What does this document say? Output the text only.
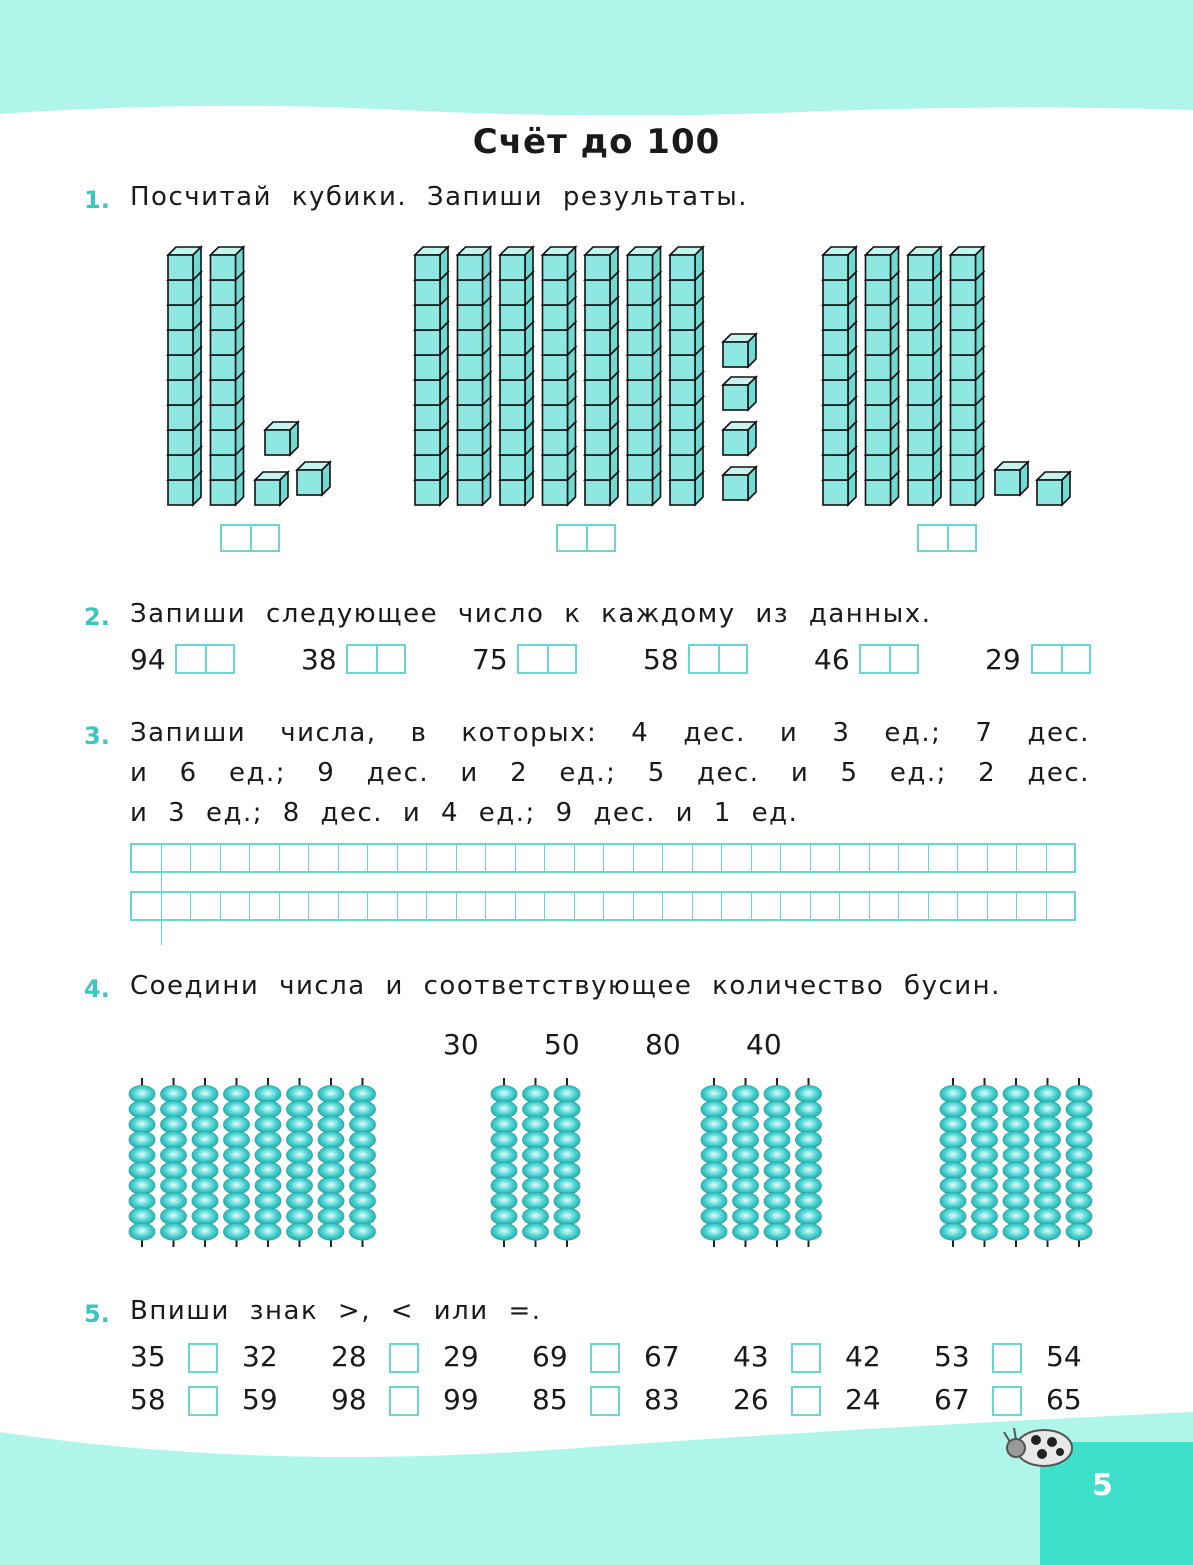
Счёт до 100
1. Посчитай кубики. Запиши результаты.
2. Запиши следующее число к каждому из данных.
94	38	75	58	46	29
3. Запиши числа, в которых: 4 дес. и 3 ед.; 7 дес.
и 6 ед.; 9 дес. и 2 ед.; 5 дес. и 5 ед.; 2 дес.
и 3 ед.; 8 дес. и 4 ед.; 9 дес. и 1 ед.
4. Соедини числа и соответствующее количество бусин.
30 50 80 40
5. Впиши знак >, < или =.
35	32 28	29 69	67 43	42 53	54
58	59 98	99 85	83 26	24 67	65
5
